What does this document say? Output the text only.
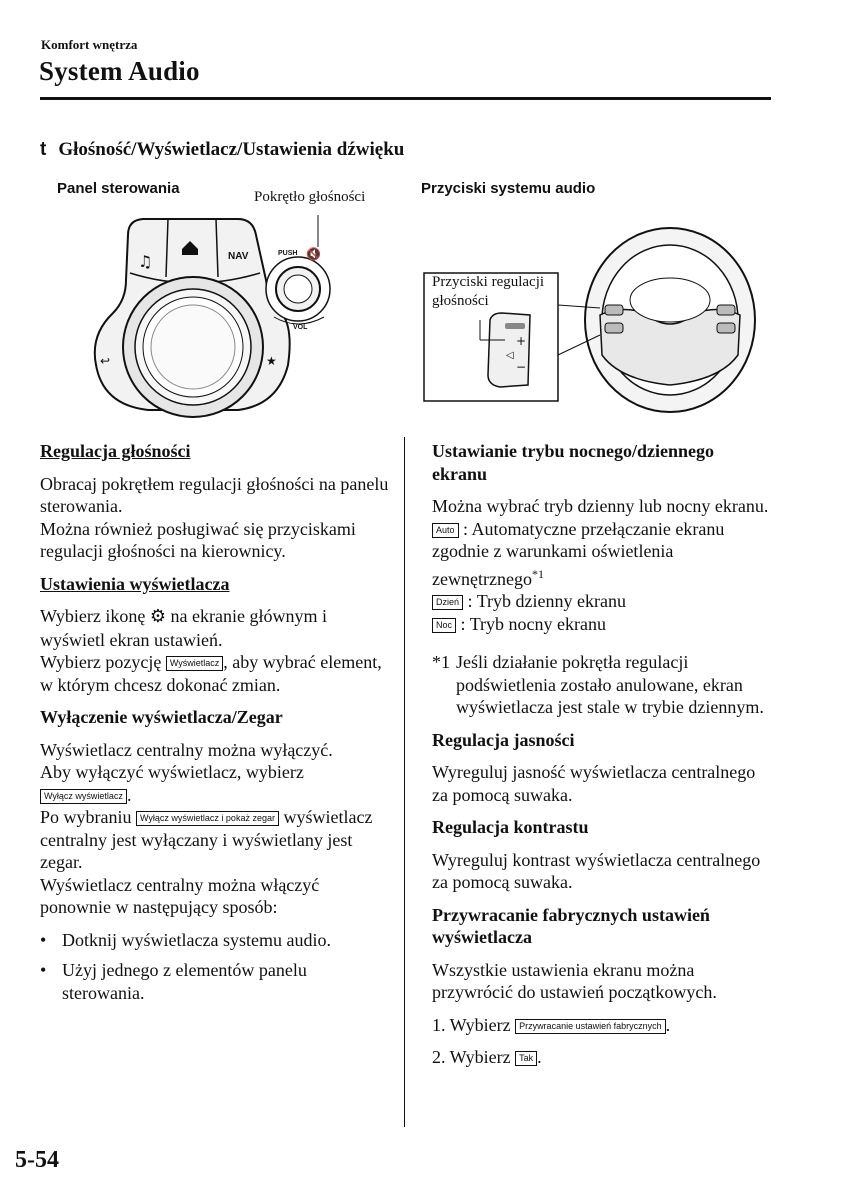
Komfort wnętrza
System Audio
t Głośność/Wyświetlacz/Ustawienia dźwięku
Panel sterowania	Pokrętło głośności
♫	NAV
↩	★
PUSH 🔇
VOL
Przyciski systemu audio
+
◁
−
Przyciski regulacji
głośności

Regulacja głośności

Obracaj pokrętłem regulacji głośności na panelu sterowania.

Można również posługiwać się przyciskami regulacji głośności na kierownicy.

Ustawienia wyświetlacza

Wybierz ikonę ⚙ na ekranie głównym i wyświetl ekran ustawień.

Wybierz pozycję Wyświetlacz , aby wybrać element, w którym chcesz dokonać zmian.

Wyłączenie wyświetlacza/Zegar

Wyświetlacz centralny można wyłączyć.

Aby wyłączyć wyświetlacz, wybierz

Wyłącz wyświetlacz .

Po wybraniu Wyłącz wyświetlacz i pokaż zegar wyświetlacz centralny jest wyłączany i wyświetlany jest zegar.

Wyświetlacz centralny można włączyć ponownie w następujący sposób:

• Dotknij wyświetlacza systemu audio.
• Użyj jednego z elementów panelu sterowania.

Ustawianie trybu nocnego/dziennego ekranu

Można wybrać tryb dzienny lub nocny ekranu.

Auto : Automatyczne przełączanie ekranu zgodnie z warunkami oświetlenia zewnętrznego$^{*1}$

Dzień : Tryb dzienny ekranu

Noc : Tryb nocny ekranu

*1 Jeśli działanie pokrętła regulacji podświetlenia zostało anulowane, ekran wyświetlacza jest stale w trybie dziennym.

Regulacja jasności

Wyreguluj jasność wyświetlacza centralnego za pomocą suwaka.

Regulacja kontrastu

Wyreguluj kontrast wyświetlacza centralnego za pomocą suwaka.

Przywracanie fabrycznych ustawień wyświetlacza

Wszystkie ustawienia ekranu można przywrócić do ustawień początkowych.

1. Wybierz Przywracanie ustawień fabrycznych .

2. Wybierz Tak .

5-54
